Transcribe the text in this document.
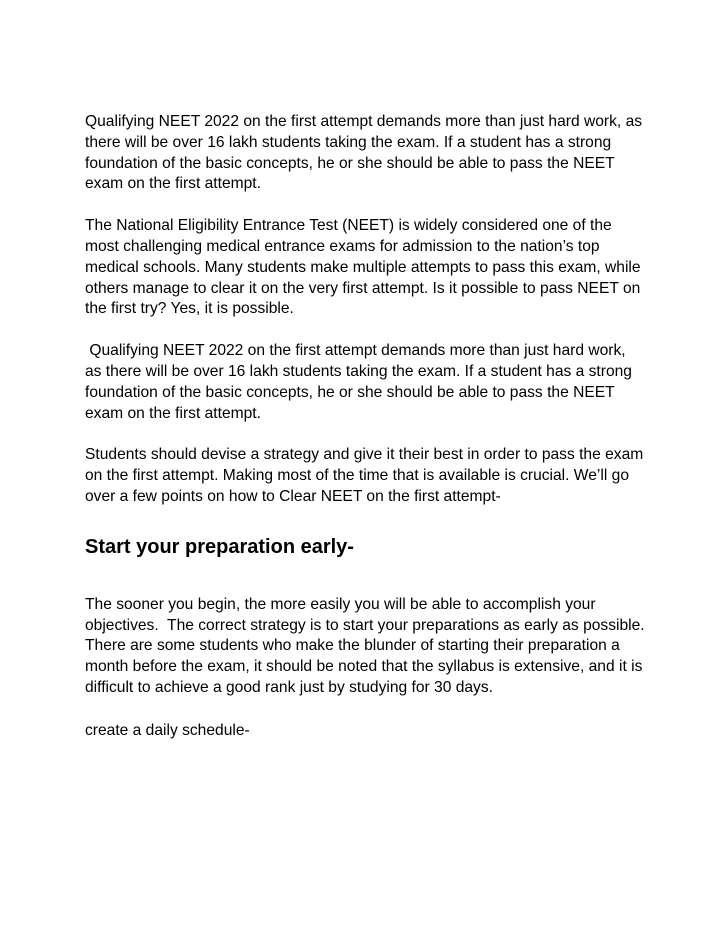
Qualifying NEET 2022 on the first attempt demands more than just hard work, as there will be over 16 lakh students taking the exam. If a student has a strong foundation of the basic concepts, he or she should be able to pass the NEET exam on the first attempt.

The National Eligibility Entrance Test (NEET) is widely considered one of the most challenging medical entrance exams for admission to the nation’s top medical schools. Many students make multiple attempts to pass this exam, while others manage to clear it on the very first attempt. Is it possible to pass NEET on the first try? Yes, it is possible.

Qualifying NEET 2022 on the first attempt demands more than just hard work, as there will be over 16 lakh students taking the exam. If a student has a strong foundation of the basic concepts, he or she should be able to pass the NEET exam on the first attempt.

Students should devise a strategy and give it their best in order to pass the exam on the first attempt. Making most of the time that is available is crucial. We’ll go over a few points on how to Clear NEET on the first attempt-

Start your preparation early-

The sooner you begin, the more easily you will be able to accomplish your objectives.  The correct strategy is to start your preparations as early as possible. There are some students who make the blunder of starting their preparation a month before the exam, it should be noted that the syllabus is extensive, and it is difficult to achieve a good rank just by studying for 30 days.

create a daily schedule-
